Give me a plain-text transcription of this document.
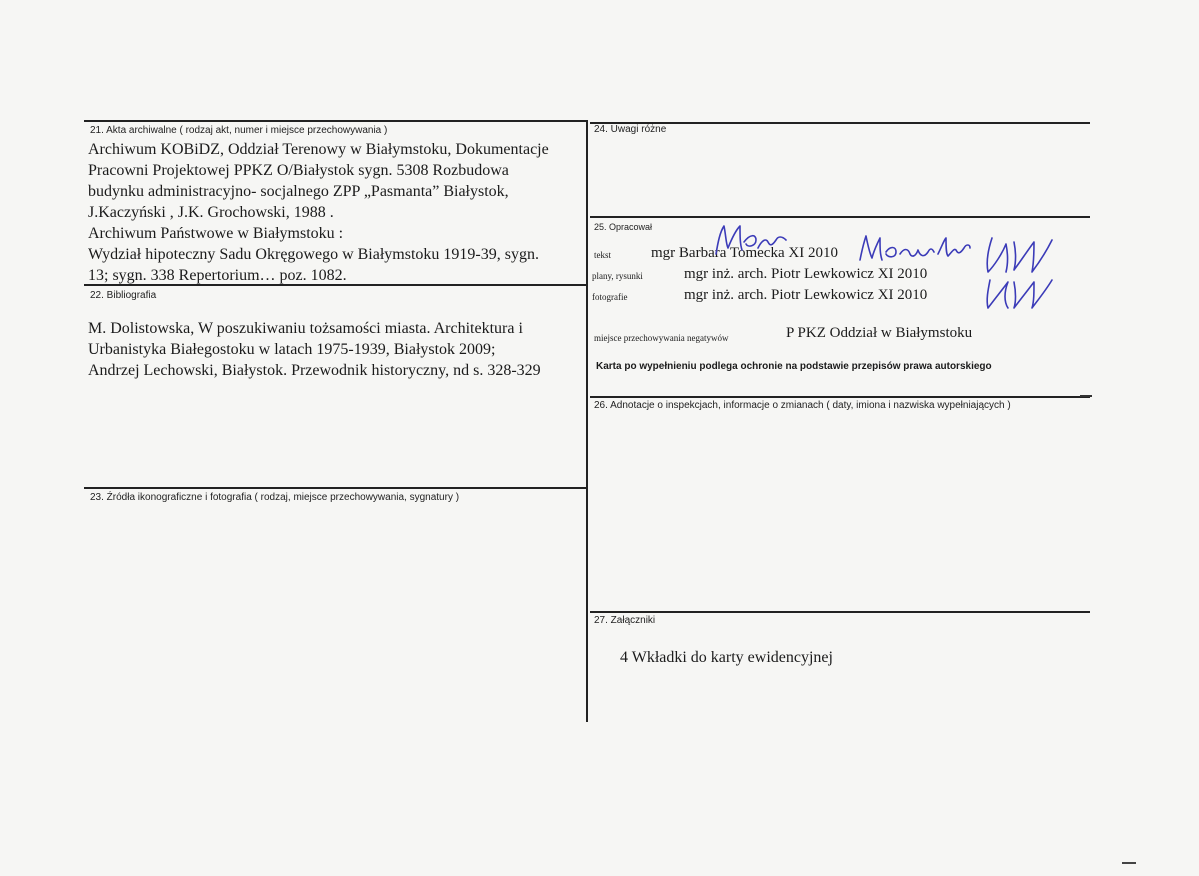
21. Akta archiwalne ( rodzaj akt, numer i miejsce przechowywania )
Archiwum KOBiDZ, Oddział Terenowy w Białymstoku, Dokumentacje
Pracowni Projektowej PPKZ O/Białystok sygn. 5308 Rozbudowa
budynku administracyjno- socjalnego ZPP „Pasmanta” Białystok,
J.Kaczyński , J.K. Grochowski, 1988 .
Archiwum Państwowe w Białymstoku :
Wydział hipoteczny Sadu Okręgowego w Białymstoku 1919-39, sygn.
13; sygn. 338 Repertorium… poz. 1082.
22. Bibliografia
M. Dolistowska, W poszukiwaniu tożsamości miasta. Architektura i
Urbanistyka Białegostoku w latach 1975-1939, Białystok 2009;
Andrzej Lechowski, Białystok. Przewodnik historyczny, nd s. 328-329
23. Źródła ikonograficzne i fotografia ( rodzaj, miejsce przechowywania, sygnatury )
24. Uwagi różne
25. Opracował
tekst	mgr Barbara Tomecka XI 2010
plany, rysunki	mgr inż. arch. Piotr Lewkowicz XI 2010
fotografie	mgr inż. arch. Piotr Lewkowicz XI 2010
miejsce przechowywania negatywów	P PKZ Oddział w Białymstoku
Karta po wypełnieniu podlega ochronie na podstawie przepisów prawa autorskiego
26. Adnotacje o inspekcjach, informacje o zmianach ( daty, imiona i nazwiska wypełniających )
27. Załączniki
4 Wkładki do karty ewidencyjnej
